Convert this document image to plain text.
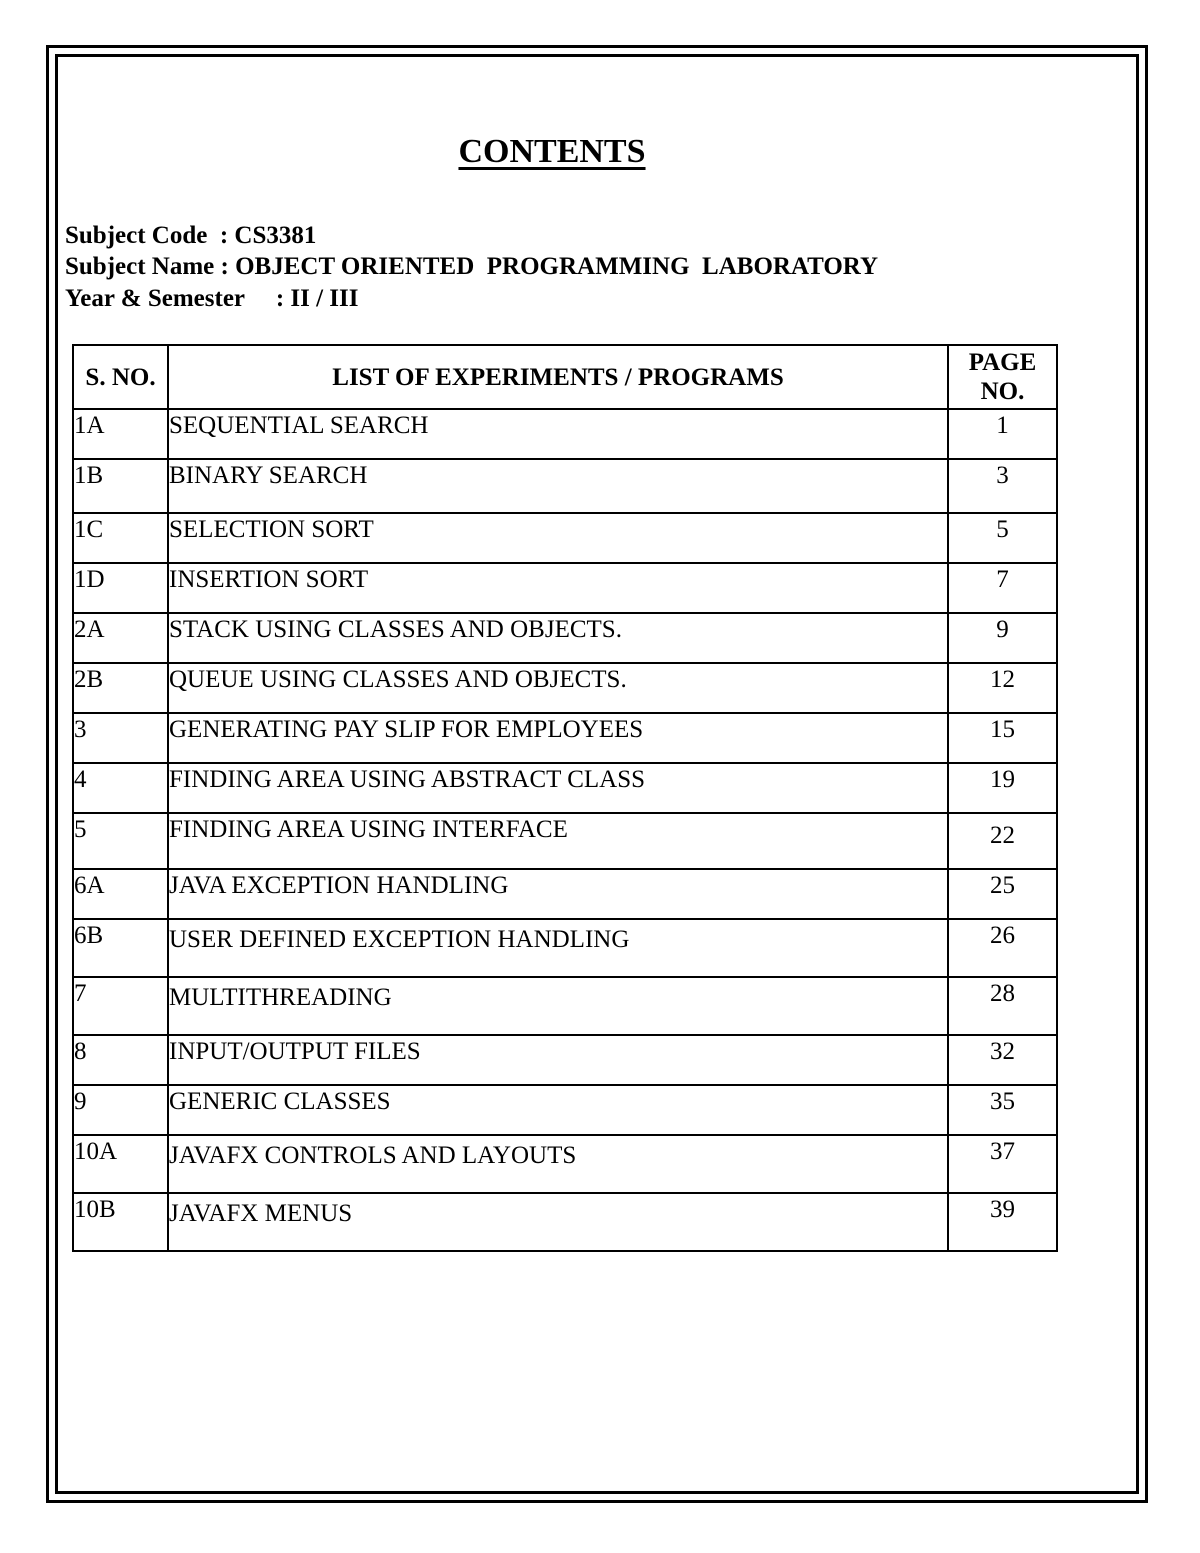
CONTENTS
Subject Code  : CS3381
Subject Name : OBJECT ORIENTED  PROGRAMMING  LABORATORY
Year & Semester     : II / III
S. NO.	LIST OF EXPERIMENTS / PROGRAMS	PAGE NO.
1A	SEQUENTIAL SEARCH	1
1B	BINARY SEARCH	3
1C	SELECTION SORT	5
1D	INSERTION SORT	7
2A	STACK USING CLASSES AND OBJECTS.	9
2B	QUEUE USING CLASSES AND OBJECTS.	12
3	GENERATING PAY SLIP FOR EMPLOYEES	15
4	FINDING AREA USING ABSTRACT CLASS	19
5	FINDING AREA USING INTERFACE	22
6A	JAVA EXCEPTION HANDLING	25
6B	USER DEFINED EXCEPTION HANDLING	26
7	MULTITHREADING	28
8	INPUT/OUTPUT FILES	32
9	GENERIC CLASSES	35
10A	JAVAFX CONTROLS AND LAYOUTS	37
10B	JAVAFX MENUS	39
